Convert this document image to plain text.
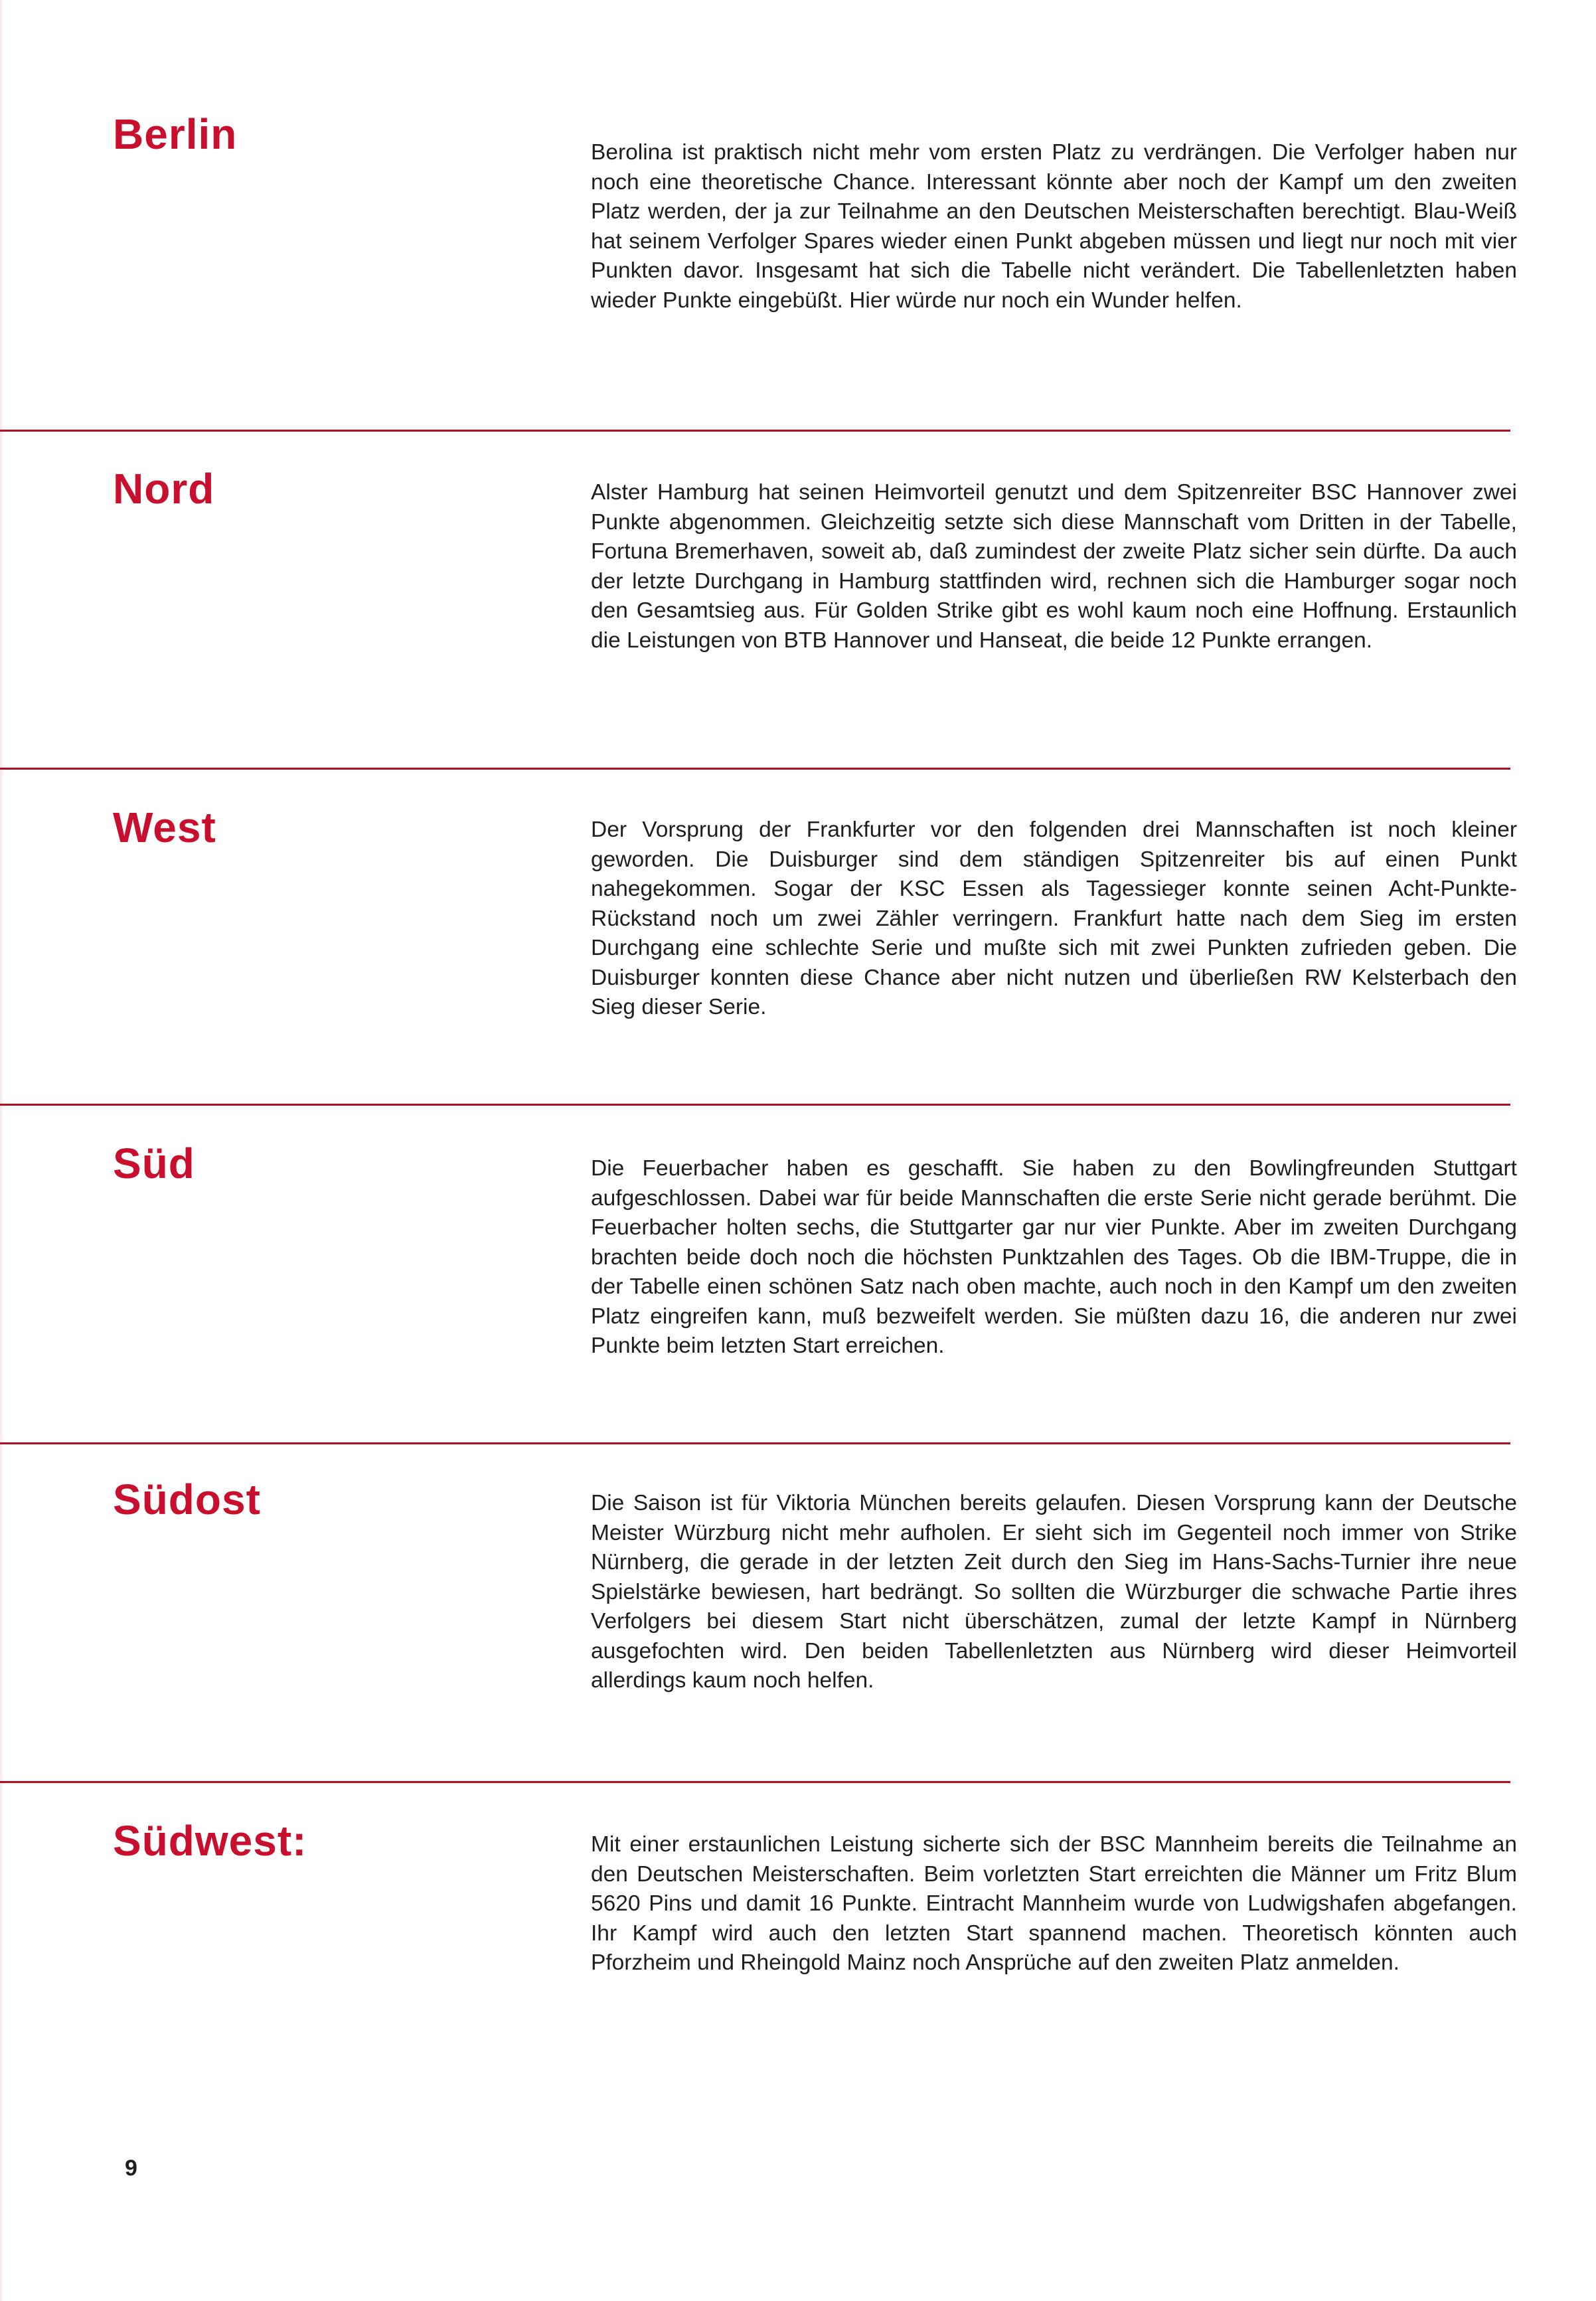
Berlin	Berolina ist praktisch nicht mehr vom ersten Platz zu verdrängen. Die Verfolger haben nur noch eine theoretische Chance. Interessant könnte aber noch der Kampf um den zweiten Platz werden, der ja zur Teilnahme an den Deutschen Meisterschaften berechtigt. Blau-Weiß hat seinem Verfolger Spares wieder einen Punkt abgeben müssen und liegt nur noch mit vier Punkten davor. Insgesamt hat sich die Tabelle nicht verändert. Die Tabellenletzten haben wieder Punkte eingebüßt. Hier würde nur noch ein Wunder helfen.

Nord	Alster Hamburg hat seinen Heimvorteil genutzt und dem Spitzenreiter BSC Hannover zwei Punkte abgenommen. Gleichzeitig setzte sich diese Mannschaft vom Dritten in der Tabelle, Fortuna Bremerhaven, soweit ab, daß zumindest der zweite Platz sicher sein dürfte. Da auch der letzte Durchgang in Hamburg stattfinden wird, rechnen sich die Hamburger sogar noch den Gesamtsieg aus. Für Golden Strike gibt es wohl kaum noch eine Hoffnung. Erstaunlich die Leistungen von BTB Hannover und Hanseat, die beide 12 Punkte errangen.

West	Der Vorsprung der Frankfurter vor den folgenden drei Mannschaften ist noch kleiner geworden. Die Duisburger sind dem ständigen Spitzenreiter bis auf einen Punkt nahegekommen. Sogar der KSC Essen als Tagessieger konnte seinen Acht-Punkte-Rückstand noch um zwei Zähler verringern. Frankfurt hatte nach dem Sieg im ersten Durchgang eine schlechte Serie und mußte sich mit zwei Punkten zufrieden geben. Die Duisburger konnten diese Chance aber nicht nutzen und überließen RW Kelsterbach den Sieg dieser Serie.

Süd	Die Feuerbacher haben es geschafft. Sie haben zu den Bowlingfreunden Stuttgart aufgeschlossen. Dabei war für beide Mannschaften die erste Serie nicht gerade berühmt. Die Feuerbacher holten sechs, die Stuttgarter gar nur vier Punkte. Aber im zweiten Durchgang brachten beide doch noch die höchsten Punktzahlen des Tages. Ob die IBM-Truppe, die in der Tabelle einen schönen Satz nach oben machte, auch noch in den Kampf um den zweiten Platz eingreifen kann, muß bezweifelt werden. Sie müßten dazu 16, die anderen nur zwei Punkte beim letzten Start erreichen.

Südost	Die Saison ist für Viktoria München bereits gelaufen. Diesen Vorsprung kann der Deutsche Meister Würzburg nicht mehr aufholen. Er sieht sich im Gegenteil noch immer von Strike Nürnberg, die gerade in der letzten Zeit durch den Sieg im Hans-Sachs-Turnier ihre neue Spielstärke bewiesen, hart bedrängt. So sollten die Würzburger die schwache Partie ihres Verfolgers bei diesem Start nicht überschätzen, zumal der letzte Kampf in Nürnberg ausgefochten wird. Den beiden Tabellenletzten aus Nürnberg wird dieser Heimvorteil allerdings kaum noch helfen.

Südwest:	Mit einer erstaunlichen Leistung sicherte sich der BSC Mannheim bereits die Teilnahme an den Deutschen Meisterschaften. Beim vorletzten Start erreichten die Männer um Fritz Blum 5620 Pins und damit 16 Punkte. Eintracht Mannheim wurde von Ludwigshafen abgefangen. Ihr Kampf wird auch den letzten Start spannend machen. Theoretisch könnten auch Pforzheim und Rheingold Mainz noch Ansprüche auf den zweiten Platz anmelden.

9
